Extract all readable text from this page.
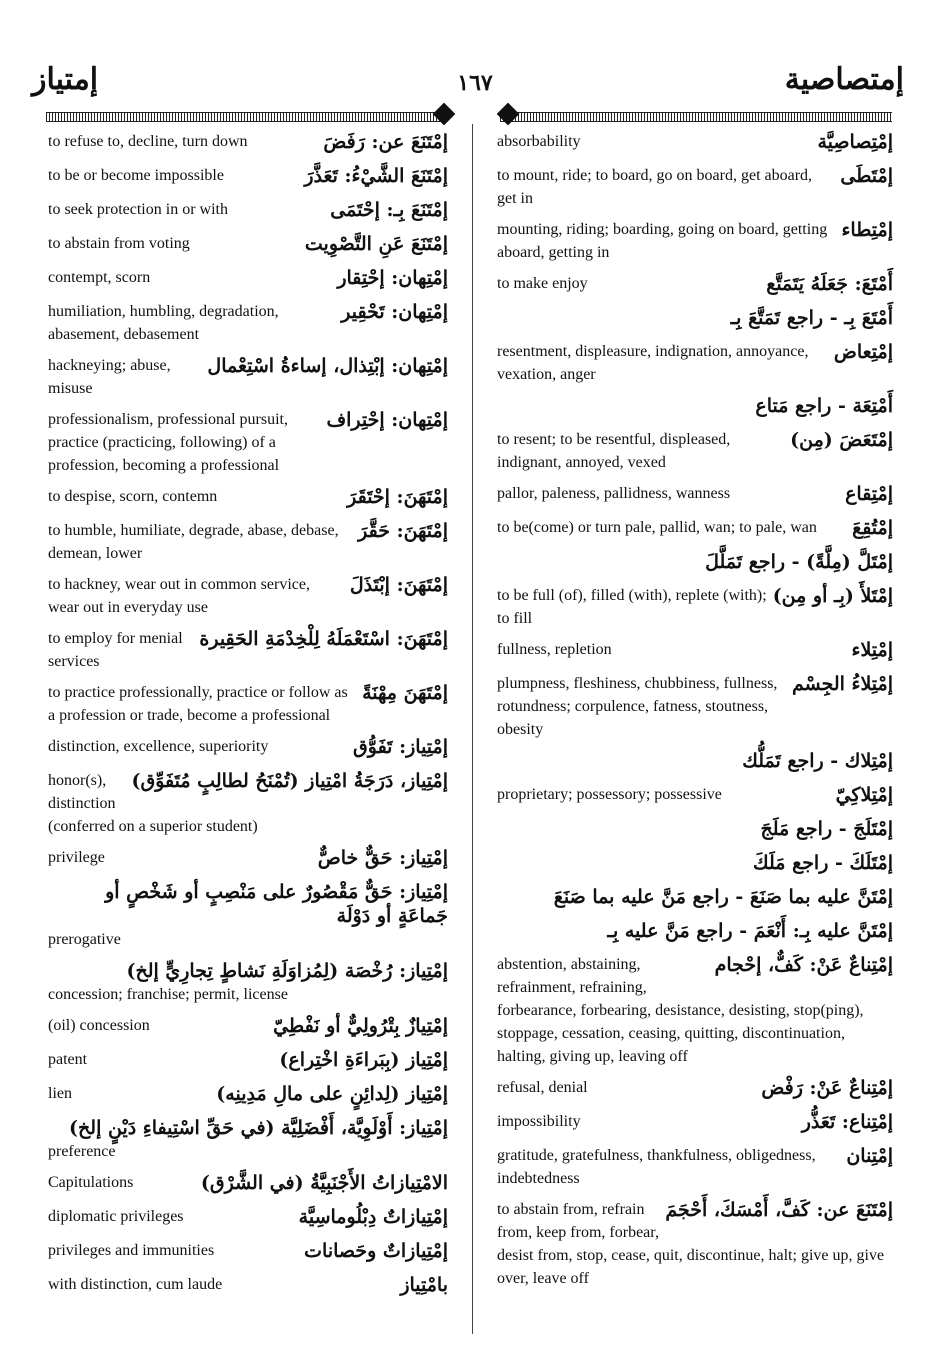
إمتياز	١٦٧	إمتصاصية
إمْتَنَعَ عن: رَفَضَ
to refuse to, decline, turn down
إمْتَنَعَ الشَّيْءُ: تَعَذَّرَ
to be or become impossible
إمْتَنَعَ بِـ: إحْتَمَى
to seek protection in or with
إمْتَنَعَ عَنِ التَّصْوِيت
to abstain from voting
إمْتِهان: إحْتِقار
contempt, scorn
إمْتِهان: تَحْقِير
humiliation, humbling, degradation, abasement, debasement
إمْتِهان: إبْتِذال، إساءةُ اسْتِعْمال
hackneying; abuse, misuse
إمْتِهان: إحْتِراف
professionalism, professional pursuit, practice (practicing, following) of a profession, becoming a professional
إمْتَهَنَ: إحْتَقَرَ
to despise, scorn, contemn
إمْتَهَنَ: حَقَّرَ
to humble, humiliate, degrade, abase, debase, demean, lower
إمْتَهَنَ: إبْتَذَلَ
to hackney, wear out in common service, wear out in everyday use
إمْتَهَنَ: اسْتَعْمَلَهُ لِلْخِدْمَةِ الحَقِيرة
to employ for menial services
إمْتَهَنَ مِهْنَةً
to practice professionally, practice or follow as a profession or trade, become a professional
إمْتِياز: تَفَوُّق
distinction, excellence, superiority
إمْتِياز، دَرَجَةُ امْتِياز (تُمْنَحُ لطالِبٍ مُتَفَوِّق)
honor(s), distinction (conferred on a superior student)
إمْتِياز: حَقٌّ خاصٌّ
privilege
إمْتِياز: حَقٌّ مَقْصُورٌ على مَنْصِبٍ أو شَخْصٍ أو جَماعَةٍ أو دَوْلَة
prerogative
إمْتِياز: رُخْصَة (لِمُزاوَلَةِ نَشاطٍ تِجارِيٍّ إلخ)
concession; franchise; permit, license
إمْتِيازٌ بِتْرُولِيٌّ أو نَفْطِيّ
(oil) concession
إمْتِياز (بِبَراءَةِ اخْتِراع)
patent
إمْتِياز (لِدائِنٍ على مالِ مَدِينِه)
lien
إمْتِياز: أَوْلَوِيَّة، أَفْضَلِيَّة (في حَقِّ اسْتِيفاءِ دَيْنٍ إلخ)
preference
الامْتِيازاتُ الأَجْنَبِيَّةُ (في الشَّرْق)
Capitulations
إمْتِيازاتٌ دِبْلُوماسِيَّة
diplomatic privileges
إمْتِيازاتٌ وحَصانات
privileges and immunities
بامْتِياز
with distinction, cum laude
إمْتِصاصِيَّة
absorbability
إمْتَطَى
to mount, ride; to board, go on board, get aboard, get in
إمْتِطاء
mounting, riding; boarding, going on board, getting aboard, getting in
أَمْتَعَ: جَعَلَهُ يَتَمَتَّع
to make enjoy
أَمْتَعَ بِـ - راجع تَمَتَّعَ بِـ
إمْتِعاض
resentment, displeasure, indignation, annoyance, vexation, anger
أَمْتِعَة - راجع مَتاع
إمْتَعَضَ (مِن)
to resent; to be resentful, displeased, indignant, annoyed, vexed
إمْتِقاع
pallor, paleness, pallidness, wanness
إمْتُقِعَ
to be(come) or turn pale, pallid, wan; to pale, wan
إمْتَلَّ (مِلَّةً) - راجع تَمَلَّلَ
إمْتَلأَ (بِـ أو مِن)
to be full (of), filled (with), replete (with); to fill
إمْتِلاء
fullness, repletion
إمْتِلاءُ الجِسْم
plumpness, fleshiness, chubbiness, fullness, rotundness; corpulence, fatness, stoutness, obesity
إمْتِلاك - راجع تَمَلُّك
إمْتِلاكِيّ
proprietary; possessory; possessive
إمْتَلَجَ - راجع مَلَجَ
إمْتَلَكَ - راجع مَلَكَ
إمْتَنَّ عليه بما صَنَعَ - راجع مَنَّ عليه بما صَنَعَ
إمْتَنَّ عليه بِـ: أَنْعَمَ - راجع مَنَّ عليه بِـ
إمْتِناعٌ عَنْ: كَفٌّ، إحْجام
abstention, abstaining, refrainment, refraining, forbearance, forbearing, desistance, desisting, stop(ping), stoppage, cessation, ceasing, quitting, discontinuation, halting, giving up, leaving off
إمْتِناعٌ عَنْ: رَفْض
refusal, denial
إمْتِناع: تَعَذُّر
impossibility
إمْتِنان
gratitude, gratefulness, thankfulness, obligedness, indebtedness
إمْتَنَعَ عن: كَفَّ، أَمْسَكَ، أَحْجَمَ
to abstain from, refrain from, keep from, forbear, desist from, stop, cease, quit, discontinue, halt; give up, give over, leave off
